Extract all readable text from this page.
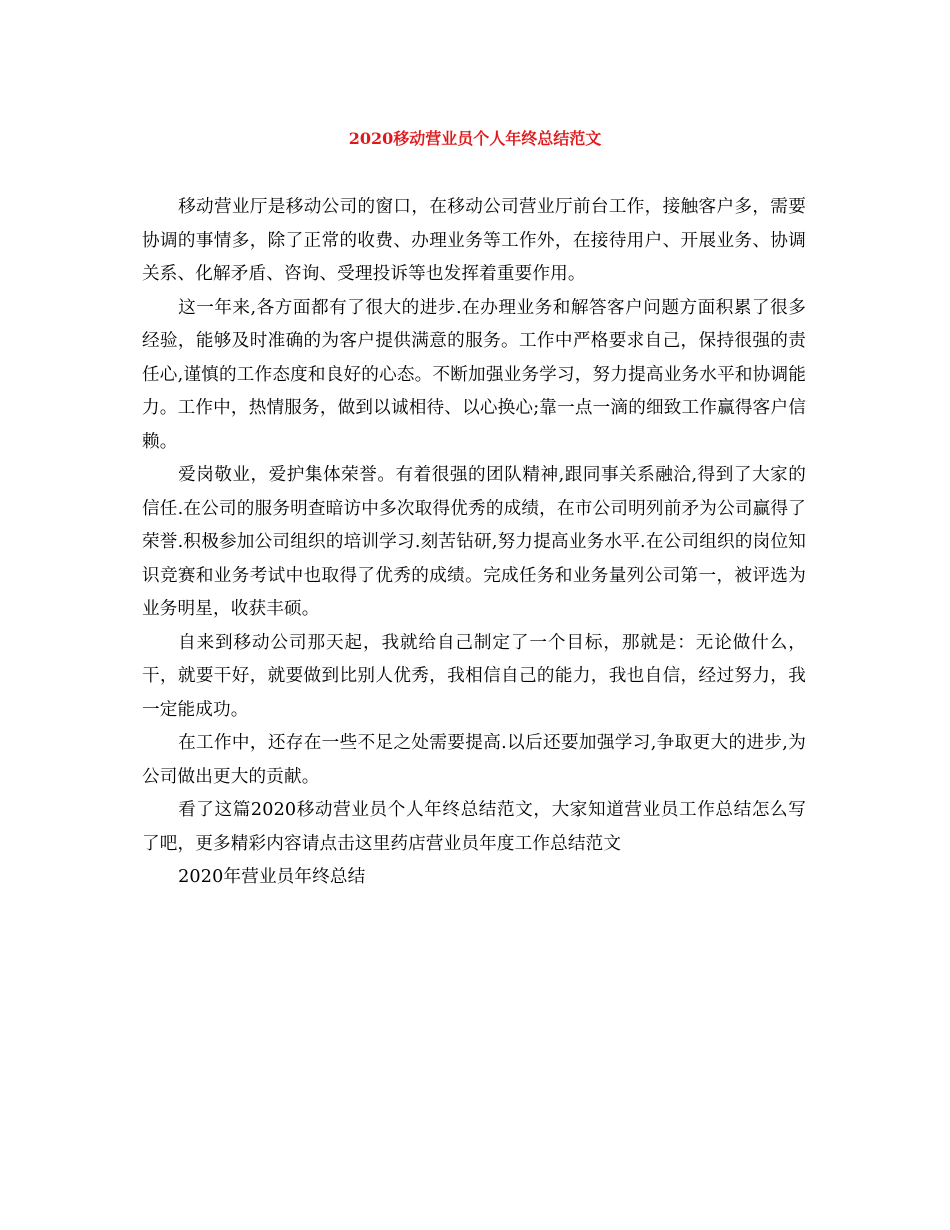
2020移动营业员个人年终总结范文

移动营业厅是移动公司的窗口，在移动公司营业厅前台工作，接触客户多，需要协调的事情多，除了正常的收费、办理业务等工作外，在接待用户、开展业务、协调关系、化解矛盾、咨询、受理投诉等也发挥着重要作用。

这一年来,各方面都有了很大的进步.在办理业务和解答客户问题方面积累了很多经验，能够及时准确的为客户提供满意的服务。工作中严格要求自己，保持很强的责任心,谨慎的工作态度和良好的心态。不断加强业务学习，努力提高业务水平和协调能力。工作中，热情服务，做到以诚相待、以心换心;靠一点一滴的细致工作赢得客户信赖。

爱岗敬业，爱护集体荣誉。有着很强的团队精神,跟同事关系融洽,得到了大家的信任.在公司的服务明查暗访中多次取得优秀的成绩，在市公司明列前矛为公司赢得了荣誉.积极参加公司组织的培训学习.刻苦钻研,努力提高业务水平.在公司组织的岗位知识竞赛和业务考试中也取得了优秀的成绩。完成任务和业务量列公司第一，被评选为业务明星，收获丰硕。

自来到移动公司那天起，我就给自己制定了一个目标，那就是：无论做什么，干，就要干好，就要做到比别人优秀，我相信自己的能力，我也自信，经过努力，我一定能成功。

在工作中，还存在一些不足之处需要提高.以后还要加强学习,争取更大的进步,为公司做出更大的贡献。

看了这篇2020移动营业员个人年终总结范文，大家知道营业员工作总结怎么写了吧，更多精彩内容请点击这里药店营业员年度工作总结范文

2020年营业员年终总结
